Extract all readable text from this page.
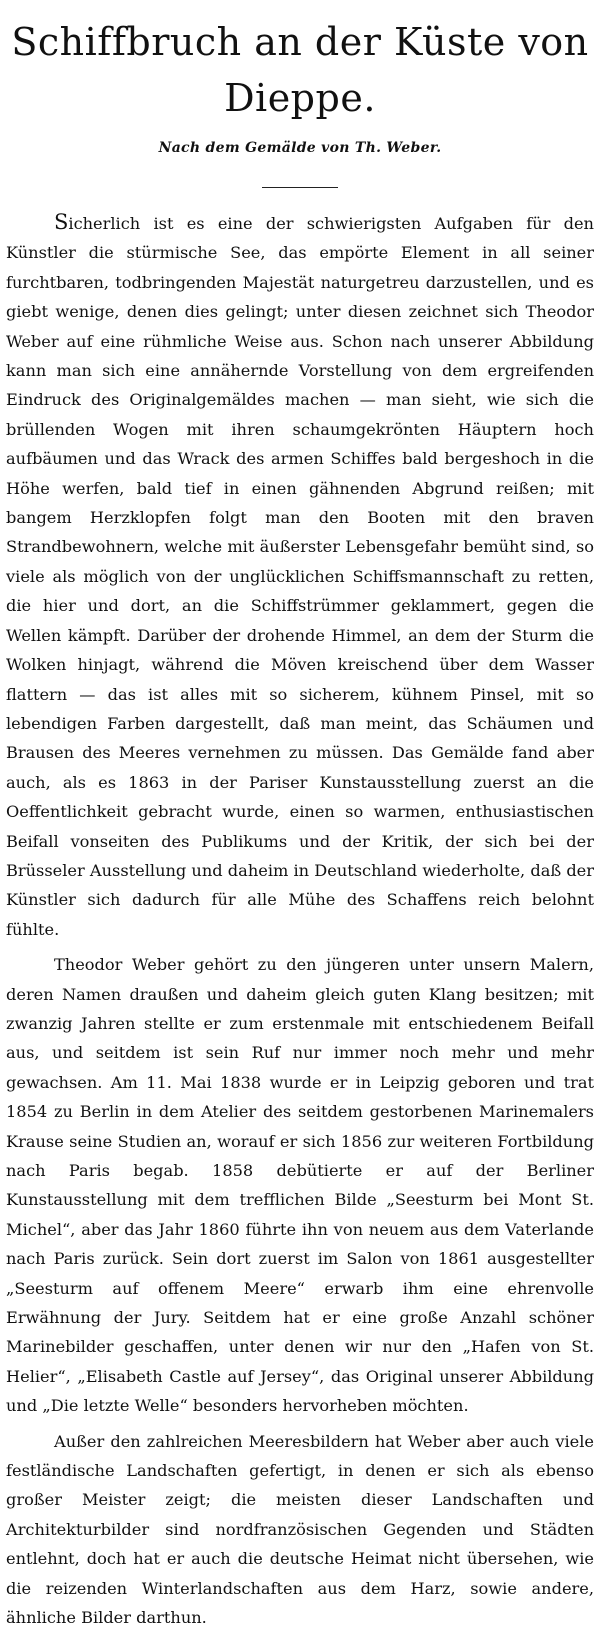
Schiffbruch an der Küste von Dieppe.
Nach dem Gemälde von Th. Weber.

Sicherlich ist es eine der schwierigsten Aufgaben für den Künstler die stürmische See, das empörte Element in all seiner furchtbaren, todbringenden Majestät naturgetreu darzustellen, und es giebt wenige, denen dies gelingt; unter diesen zeichnet sich Theodor Weber auf eine rühmliche Weise aus. Schon nach unserer Abbildung kann man sich eine annähernde Vorstellung von dem ergreifenden Eindruck des Originalgemäldes machen — man sieht, wie sich die brüllenden Wogen mit ihren schaumgekrönten Häuptern hoch aufbäumen und das Wrack des armen Schiffes bald bergeshoch in die Höhe werfen, bald tief in einen gähnenden Abgrund reißen; mit bangem Herzklopfen folgt man den Booten mit den braven Strandbewohnern, welche mit äußerster Lebensgefahr bemüht sind, so viele als möglich von der unglücklichen Schiffsmannschaft zu retten, die hier und dort, an die Schiffstrümmer geklammert, gegen die Wellen kämpft. Darüber der drohende Himmel, an dem der Sturm die Wolken hinjagt, während die Möven kreischend über dem Wasser flattern — das ist alles mit so sicherem, kühnem Pinsel, mit so lebendigen Farben dargestellt, daß man meint, das Schäumen und Brausen des Meeres vernehmen zu müssen. Das Gemälde fand aber auch, als es 1863 in der Pariser Kunstausstellung zuerst an die Oeffentlichkeit gebracht wurde, einen so warmen, enthusiastischen Beifall vonseiten des Publikums und der Kritik, der sich bei der Brüsseler Ausstellung und daheim in Deutschland wiederholte, daß der Künstler sich dadurch für alle Mühe des Schaffens reich belohnt fühlte.

Theodor Weber gehört zu den jüngeren unter unsern Malern, deren Namen draußen und daheim gleich guten Klang besitzen; mit zwanzig Jahren stellte er zum erstenmale mit entschiedenem Beifall aus, und seitdem ist sein Ruf nur immer noch mehr und mehr gewachsen. Am 11. Mai 1838 wurde er in Leipzig geboren und trat 1854 zu Berlin in dem Atelier des seitdem gestorbenen Marinemalers Krause seine Studien an, worauf er sich 1856 zur weiteren Fortbildung nach Paris begab. 1858 debütierte er auf der Berliner Kunstausstellung mit dem trefflichen Bilde „Seesturm bei Mont St. Michel“, aber das Jahr 1860 führte ihn von neuem aus dem Vaterlande nach Paris zurück. Sein dort zuerst im Salon von 1861 ausgestellter „Seesturm auf offenem Meere“ erwarb ihm eine ehrenvolle Erwähnung der Jury. Seitdem hat er eine große Anzahl schöner Marinebilder geschaffen, unter denen wir nur den „Hafen von St. Helier“, „Elisabeth Castle auf Jersey“, das Original unserer Abbildung und „Die letzte Welle“ besonders hervorheben möchten.

Außer den zahlreichen Meeresbildern hat Weber aber auch viele festländische Landschaften gefertigt, in denen er sich als ebenso großer Meister zeigt; die meisten dieser Landschaften und Architekturbilder sind nordfranzösischen Gegenden und Städten entlehnt, doch hat er auch die deutsche Heimat nicht übersehen, wie die reizenden Winterlandschaften aus dem Harz, sowie andere, ähnliche Bilder darthun.
